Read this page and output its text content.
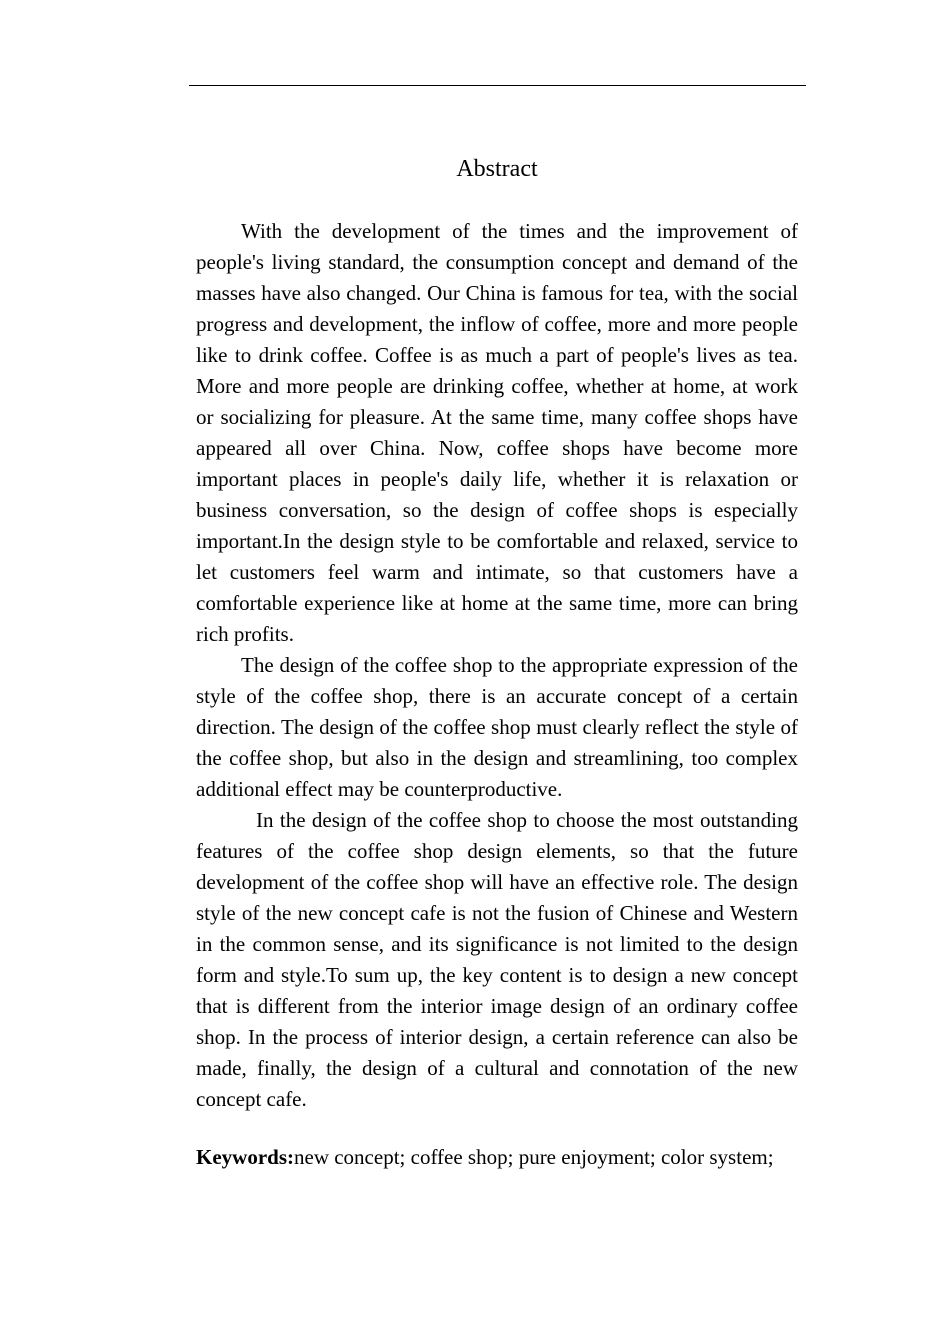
Abstract

With the development of the times and the improvement of people's living standard, the consumption concept and demand of the masses have also changed. Our China is famous for tea, with the social progress and development, the inflow of coffee, more and more people like to drink coffee. Coffee is as much a part of people's lives as tea. More and more people are drinking coffee, whether at home, at work or socializing for pleasure. At the same time, many coffee shops have appeared all over China. Now, coffee shops have become more important places in people's daily life, whether it is relaxation or business conversation, so the design of coffee shops is especially important.In the design style to be comfortable and relaxed, service to let customers feel warm and intimate, so that customers have a comfortable experience like at home at the same time, more can bring rich profits.

The design of the coffee shop to the appropriate expression of the style of the coffee shop, there is an accurate concept of a certain direction. The design of the coffee shop must clearly reflect the style of the coffee shop, but also in the design and streamlining, too complex additional effect may be counterproductive.

In the design of the coffee shop to choose the most outstanding features of the coffee shop design elements, so that the future development of the coffee shop will have an effective role. The design style of the new concept cafe is not the fusion of Chinese and Western in the common sense, and its significance is not limited to the design form and style.To sum up, the key content is to design a new concept that is different from the interior image design of an ordinary coffee shop. In the process of interior design, a certain reference can also be made, finally, the design of a cultural and connotation of the new concept cafe.

Keywords:new concept; coffee shop; pure enjoyment; color system;
